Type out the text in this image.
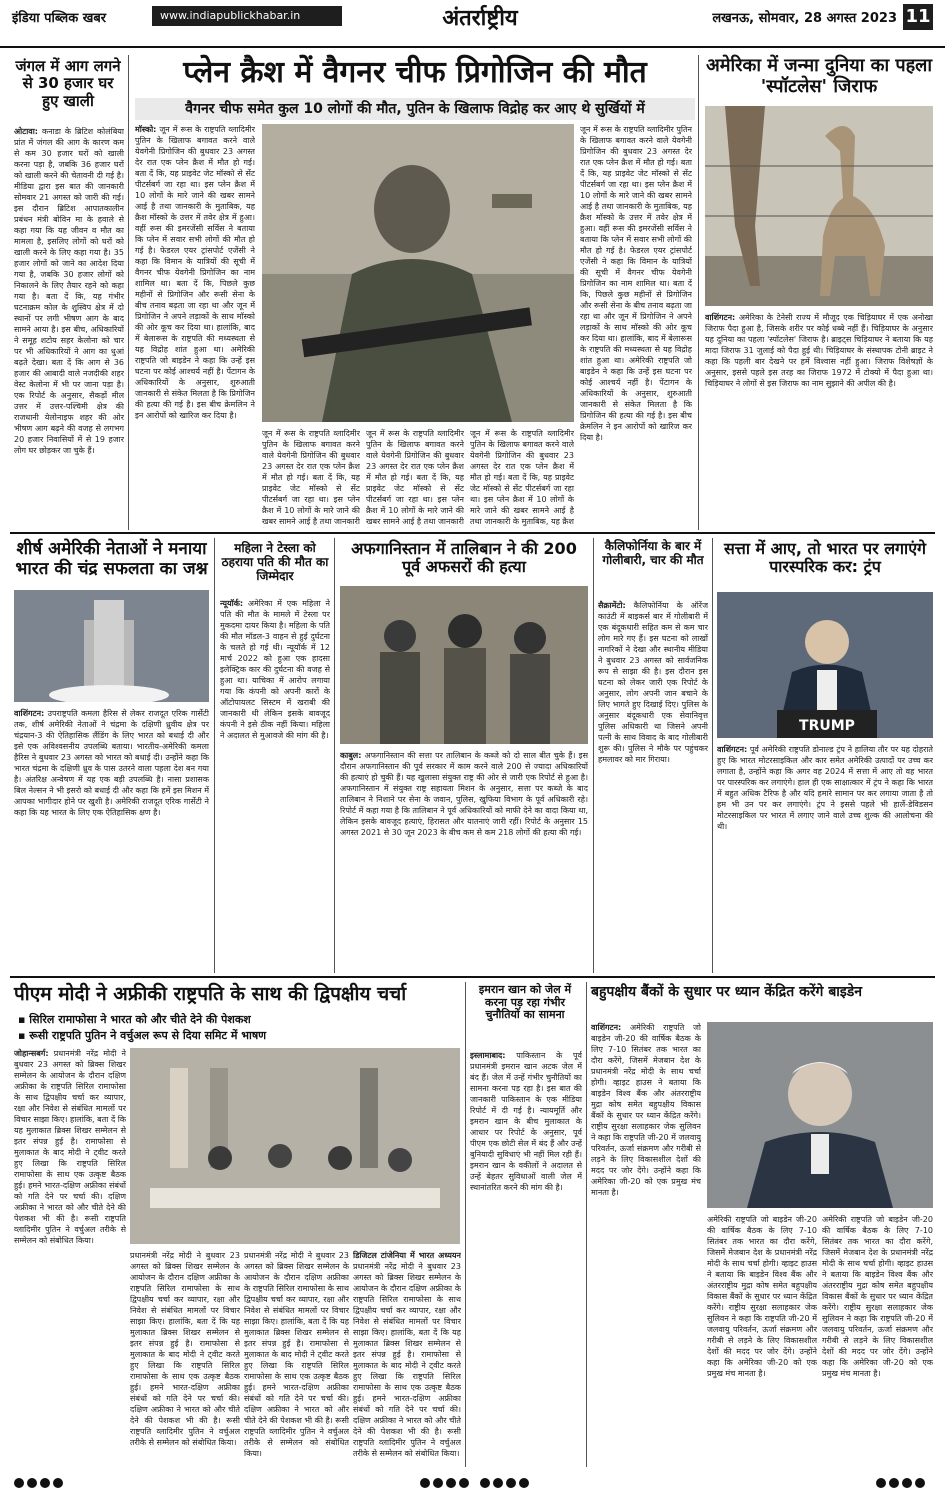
इंडिया पब्लिक खबर	www.indiapublickhabar.in	अंतर्राष्ट्रीय	लखनऊ, सोमवार, 28 अगस्त 2023 11
जंगल में आग लगने से 30 हजार घर हुए खाली
ओटावा: कनाडा के ब्रिटिश कोलंबिया प्रांत में जंगल की आग के कारण कम से कम 30 हजार घरों को खाली करना पड़ा है, जबकि 36 हजार घरों को खाली करने की चेतावनी दी गई है। मीडिया द्वारा इस बात की जानकारी सोमवार 21 अगस्त को जारी की गई। इस दौरान ब्रिटिश आपातकालीन प्रबंधन मंत्री बोविन मा के हवाले से कहा गया कि यह जीवन व मौत का मामला है, इसलिए लोगों को घरों को खाली करने के लिए कहा गया है। 35 हजार लोगों को जाने का आदेश दिया गया है, जबकि 30 हजार लोगों को निकालने के लिए तैयार रहने को कहा गया है। बता दें कि, यह गंभीर घटनाक्रम कोल के शुस्विप क्षेत्र में दो स्थानों पर लगी भीषण आग के बाद सामने आया है। इस बीच, अधिकारियों ने समूह शटोय सहर केलोना को चार पर भी अधिकारियों ने आग का धुआं बढ़ते देखा। बता दें कि आग से 36 हजार की आबादी वाले नजदीकी शहर वेस्ट केलोना में भी पर जाना पड़ा है। एक रिपोर्ट के अनुसार, सैकड़ों मील उत्तर में उत्तर-पश्चिमी क्षेत्र की राजधानी येलोनाइफ शहर की ओर भीषण आग बढ़ने की वजह से लगभग 20 हजार निवासियों में से 19 हजार लोग घर छोड़कर जा चुके हैं।
प्लेन क्रैश में वैगनर चीफ प्रिगोजिन की मौत
वैगनर चीफ समेत कुल 10 लोगों की मौत, पुतिन के खिलाफ विद्रोह कर आए थे सुर्खियों में
मॉस्को: जून में रूस के राष्ट्रपति व्लादिमीर पुतिन के खिलाफ बगावत करने वाले येवगेनी प्रिगोजिन की बुधवार 23 अगस्त देर रात एक प्लेन क्रैश में मौत हो गई। बता दें कि, यह प्राइवेट जेट मॉस्को से सेंट पीटर्सबर्ग जा रहा था। इस प्लेन क्रैश में 10 लोगों के मारे जाने की खबर सामने आई है तथा जानकारी के मुताबिक, यह क्रैश मॉस्को के उत्तर में तवेर क्षेत्र में हुआ। वहीं रूस की इमरजेंसी सर्विस ने बताया कि प्लेन में सवार सभी लोगों की मौत हो गई है। फेडरल एयर ट्रांसपोर्ट एजेंसी ने कहा कि विमान के यात्रियों की सूची में वैगनर चीफ येवगेनी प्रिगोजिन का नाम शामिल था। बता दें कि, पिछले कुछ महीनों से प्रिगोजिन और रूसी सेना के बीच तनाव बढ़ता जा रहा था और जून में प्रिगोजिन ने अपने लड़ाकों के साथ मॉस्को की ओर कूच कर दिया था। हालांकि, बाद में बेलारूस के राष्ट्रपति की मध्यस्थता से यह विद्रोह शांत हुआ था। अमेरिकी राष्ट्रपति जो बाइडेन ने कहा कि उन्हें इस घटना पर कोई आश्चर्य नहीं है। पेंटागन के अधिकारियों के अनुसार, शुरुआती जानकारी से संकेत मिलता है कि प्रिगोजिन की हत्या की गई है। इस बीच क्रेमलिन ने इन आरोपों को खारिज कर दिया है।
जून में रूस के राष्ट्रपति व्लादिमीर पुतिन के खिलाफ बगावत करने वाले येवगेनी प्रिगोजिन की बुधवार 23 अगस्त देर रात एक प्लेन क्रैश में मौत हो गई। बता दें कि, यह प्राइवेट जेट मॉस्को से सेंट पीटर्सबर्ग जा रहा था। इस प्लेन क्रैश में 10 लोगों के मारे जाने की खबर सामने आई है तथा जानकारी के मुताबिक, यह क्रैश मॉस्को के उत्तर में तवेर क्षेत्र में हुआ। वहीं रूस की इमरजेंसी सर्विस ने बताया कि प्लेन में सवार सभी लोगों की मौत हो गई है। फेडरल एयर ट्रांसपोर्ट एजेंसी ने कहा कि विमान के यात्रियों की सूची में वैगनर चीफ येवगेनी प्रिगोजिन का नाम शामिल था। बता दें कि, पिछले कुछ महीनों से प्रिगोजिन और रूसी सेना के बीच तनाव बढ़ता जा रहा था और जून में प्रिगोजिन ने अपने लड़ाकों के साथ मॉस्को की ओर कूच कर दिया था। हालांकि, बाद में बेलारूस के राष्ट्रपति की मध्यस्थता से यह विद्रोह शांत हुआ था। अमेरिकी राष्ट्रपति जो बाइडेन ने कहा कि उन्हें इस घटना पर कोई आश्चर्य नहीं है। पेंटागन के अधिकारियों के अनुसार, शुरुआती जानकारी से संकेत मिलता है कि प्रिगोजिन की हत्या की गई है। इस बीच क्रेमलिन ने इन आरोपों को खारिज कर दिया है।
जून में रूस के राष्ट्रपति व्लादिमीर पुतिन के खिलाफ बगावत करने वाले येवगेनी प्रिगोजिन की बुधवार 23 अगस्त देर रात एक प्लेन क्रैश में मौत हो गई। बता दें कि, यह प्राइवेट जेट मॉस्को से सेंट पीटर्सबर्ग जा रहा था। इस प्लेन क्रैश में 10 लोगों के मारे जाने की खबर सामने आई है तथा जानकारी
जून में रूस के राष्ट्रपति व्लादिमीर पुतिन के खिलाफ बगावत करने वाले येवगेनी प्रिगोजिन की बुधवार 23 अगस्त देर रात एक प्लेन क्रैश में मौत हो गई। बता दें कि, यह प्राइवेट जेट मॉस्को से सेंट पीटर्सबर्ग जा रहा था। इस प्लेन क्रैश में 10 लोगों के मारे जाने की खबर सामने आई है तथा जानकारी
जून में रूस के राष्ट्रपति व्लादिमीर पुतिन के खिलाफ बगावत करने वाले येवगेनी प्रिगोजिन की बुधवार 23 अगस्त देर रात एक प्लेन क्रैश में मौत हो गई। बता दें कि, यह प्राइवेट जेट मॉस्को से सेंट पीटर्सबर्ग जा रहा था। इस प्लेन क्रैश में 10 लोगों के मारे जाने की खबर सामने आई है तथा जानकारी के मुताबिक, यह क्रैश
अमेरिका में जन्मा दुनिया का पहला 'स्पॉटलेस' जिराफ
वाशिंगटन: अमेरिका के टेनेसी राज्य में मौजूद एक चिड़ियाघर में एक अनोखा जिराफ पैदा हुआ है, जिसके शरीर पर कोई धब्बे नहीं हैं। चिड़ियाघर के अनुसार यह दुनिया का पहला 'स्पॉटलेस' जिराफ है। ब्राइट्स चिड़ियाघर ने बताया कि यह मादा जिराफ 31 जुलाई को पैदा हुई थी। चिड़ियाघर के संस्थापक टोनी ब्राइट ने कहा कि पहली बार देखने पर हमें विश्वास नहीं हुआ। जिराफ विशेषज्ञों के अनुसार, इससे पहले इस तरह का जिराफ 1972 में टोक्यो में पैदा हुआ था। चिड़ियाघर ने लोगों से इस जिराफ का नाम सुझाने की अपील की है।
शीर्ष अमेरिकी नेताओं ने मनाया भारत की चंद्र सफलता का जश्न
वाशिंगटन: उपराष्ट्रपति कमला हैरिस से लेकर राजदूत एरिक गार्सेटी तक, शीर्ष अमेरिकी नेताओं ने चंद्रमा के दक्षिणी ध्रुवीय क्षेत्र पर चंद्रयान-3 की ऐतिहासिक लैंडिंग के लिए भारत को बधाई दी और इसे एक अविश्वसनीय उपलब्धि बताया। भारतीय-अमेरिकी कमला हैरिस ने बुधवार 23 अगस्त को भारत को बधाई दी। उन्होंने कहा कि भारत चंद्रमा के दक्षिणी ध्रुव के पास उतरने वाला पहला देश बन गया है। अंतरिक्ष अन्वेषण में यह एक बड़ी उपलब्धि है। नासा प्रशासक बिल नेल्सन ने भी इसरो को बधाई दी और कहा कि हमें इस मिशन में आपका भागीदार होने पर खुशी है। अमेरिकी राजदूत एरिक गार्सेटी ने कहा कि यह भारत के लिए एक ऐतिहासिक क्षण है।
महिला ने टेस्ला को ठहराया पति की मौत का जिम्मेदार
न्यूयॉर्क: अमेरिका में एक महिला ने पति की मौत के मामले में टेस्ला पर मुकदमा दायर किया है। महिला के पति की मौत मॉडल-3 वाहन से हुई दुर्घटना के चलते हो गई थी। न्यूयॉर्क में 12 मार्च 2022 को हुआ एक हादसा इलेक्ट्रिक कार की दुर्घटना की वजह से हुआ था। याचिका में आरोप लगाया गया कि कंपनी को अपनी कारों के ऑटोपायलट सिस्टम में खराबी की जानकारी थी लेकिन इसके बावजूद कंपनी ने इसे ठीक नहीं किया। महिला ने अदालत से मुआवजे की मांग की है।
अफगानिस्तान में तालिबान ने की 200 पूर्व अफसरों की हत्या
काबुल: अफगानिस्तान की सत्ता पर तालिबान के कब्जे को दो साल बीत चुके हैं। इस दौरान अफगानिस्तान की पूर्व सरकार में काम करने वाले 200 से ज्यादा अधिकारियों की हत्याएं हो चुकी हैं। यह खुलासा संयुक्त राष्ट्र की ओर से जारी एक रिपोर्ट से हुआ है। अफगानिस्तान में संयुक्त राष्ट्र सहायता मिशन के अनुसार, सत्ता पर कब्जे के बाद तालिबान ने निशाने पर सेना के जवान, पुलिस, खुफिया विभाग के पूर्व अधिकारी रहे। रिपोर्ट में कहा गया है कि तालिबान ने पूर्व अधिकारियों को माफी देने का वादा किया था, लेकिन इसके बावजूद हत्याएं, हिरासत और यातनाएं जारी रहीं। रिपोर्ट के अनुसार 15 अगस्त 2021 से 30 जून 2023 के बीच कम से कम 218 लोगों की हत्या की गई।
कैलिफोर्निया के बार में गोलीबारी, चार की मौत
सैक्रामेंटो: कैलिफोर्निया के ऑरेंज काउंटी में बाइकर्स बार में गोलीबारी में एक बंदूकधारी सहित कम से कम चार लोग मारे गए हैं। इस घटना को लाखों नागरिकों ने देखा और स्थानीय मीडिया ने बुधवार 23 अगस्त को सार्वजनिक रूप से साझा की है। इस दौरान इस घटना को लेकर जारी एक रिपोर्ट के अनुसार, लोग अपनी जान बचाने के लिए भागते हुए दिखाई दिए। पुलिस के अनुसार बंदूकधारी एक सेवानिवृत्त पुलिस अधिकारी था जिसने अपनी पत्नी के साथ विवाद के बाद गोलीबारी शुरू की। पुलिस ने मौके पर पहुंचकर हमलावर को मार गिराया।
सत्ता में आए, तो भारत पर लगाएंगे पारस्परिक कर: ट्रंप
TRUMP
वाशिंगटन: पूर्व अमेरिकी राष्ट्रपति डोनाल्ड ट्रंप ने हालिया तौर पर यह दोहराते हुए कि भारत मोटरसाइकिल और कार समेत अमेरिकी उत्पादों पर उच्च कर लगाता है, उन्होंने कहा कि अगर वह 2024 में सत्ता में आए तो वह भारत पर पारस्परिक कर लगाएंगे। हाल ही एक साक्षात्कार में ट्रंप ने कहा कि भारत में बहुत अधिक टैरिफ है और यदि हमारे सामान पर कर लगाया जाता है तो हम भी उन पर कर लगाएंगे। ट्रंप ने इससे पहले भी हार्ले-डेविडसन मोटरसाइकिल पर भारत में लगाए जाने वाले उच्च शुल्क की आलोचना की थी।
पीएम मोदी ने अफ्रीकी राष्ट्रपति के साथ की द्विपक्षीय चर्चा
▪ सिरिल रामाफोसा ने भारत को और चीते देने की पेशकश
▪ रूसी राष्ट्रपति पुतिन ने वर्चुअल रूप से दिया समिट में भाषण
जोहान्सबर्ग: प्रधानमंत्री नरेंद्र मोदी ने बुधवार 23 अगस्त को ब्रिक्स शिखर सम्मेलन के आयोजन के दौरान दक्षिण अफ्रीका के राष्ट्रपति सिरिल रामाफोसा के साथ द्विपक्षीय चर्चा कर व्यापार, रक्षा और निवेश से संबंधित मामलों पर विचार साझा किए। हालांकि, बता दें कि यह मुलाकात ब्रिक्स शिखर सम्मेलन से इतर संपन्न हुई है। रामाफोसा से मुलाकात के बाद मोदी ने ट्वीट करते हुए लिखा कि राष्ट्रपति सिरिल रामाफोसा के साथ एक उत्कृष्ट बैठक हुई। हमने भारत-दक्षिण अफ्रीका संबंधों को गति देने पर चर्चा की। दक्षिण अफ्रीका ने भारत को और चीते देने की पेशकश भी की है। रूसी राष्ट्रपति व्लादिमीर पुतिन ने वर्चुअल तरीके से सम्मेलन को संबोधित किया।
प्रधानमंत्री नरेंद्र मोदी ने बुधवार 23 अगस्त को ब्रिक्स शिखर सम्मेलन के आयोजन के दौरान दक्षिण अफ्रीका के राष्ट्रपति सिरिल रामाफोसा के साथ द्विपक्षीय चर्चा कर व्यापार, रक्षा और निवेश से संबंधित मामलों पर विचार साझा किए। हालांकि, बता दें कि यह मुलाकात ब्रिक्स शिखर सम्मेलन से इतर संपन्न हुई है। रामाफोसा से मुलाकात के बाद मोदी ने ट्वीट करते हुए लिखा कि राष्ट्रपति सिरिल रामाफोसा के साथ एक उत्कृष्ट बैठक हुई। हमने भारत-दक्षिण अफ्रीका संबंधों को गति देने पर चर्चा की। दक्षिण अफ्रीका ने भारत को और चीते देने की पेशकश भी की है। रूसी राष्ट्रपति व्लादिमीर पुतिन ने वर्चुअल तरीके से सम्मेलन को संबोधित किया।
प्रधानमंत्री नरेंद्र मोदी ने बुधवार 23 अगस्त को ब्रिक्स शिखर सम्मेलन के आयोजन के दौरान दक्षिण अफ्रीका के राष्ट्रपति सिरिल रामाफोसा के साथ द्विपक्षीय चर्चा कर व्यापार, रक्षा और निवेश से संबंधित मामलों पर विचार साझा किए। हालांकि, बता दें कि यह मुलाकात ब्रिक्स शिखर सम्मेलन से इतर संपन्न हुई है। रामाफोसा से मुलाकात के बाद मोदी ने ट्वीट करते हुए लिखा कि राष्ट्रपति सिरिल रामाफोसा के साथ एक उत्कृष्ट बैठक हुई। हमने भारत-दक्षिण अफ्रीका संबंधों को गति देने पर चर्चा की। दक्षिण अफ्रीका ने भारत को और चीते देने की पेशकश भी की है। रूसी राष्ट्रपति व्लादिमीर पुतिन ने वर्चुअल तरीके से सम्मेलन को संबोधित किया।
डिजिटल टांजेनिया में भारत अध्ययन प्रधानमंत्री नरेंद्र मोदी ने बुधवार 23 अगस्त को ब्रिक्स शिखर सम्मेलन के आयोजन के दौरान दक्षिण अफ्रीका के राष्ट्रपति सिरिल रामाफोसा के साथ द्विपक्षीय चर्चा कर व्यापार, रक्षा और निवेश से संबंधित मामलों पर विचार साझा किए। हालांकि, बता दें कि यह मुलाकात ब्रिक्स शिखर सम्मेलन से इतर संपन्न हुई है। रामाफोसा से मुलाकात के बाद मोदी ने ट्वीट करते हुए लिखा कि राष्ट्रपति सिरिल रामाफोसा के साथ एक उत्कृष्ट बैठक हुई। हमने भारत-दक्षिण अफ्रीका संबंधों को गति देने पर चर्चा की। दक्षिण अफ्रीका ने भारत को और चीते देने की पेशकश भी की है। रूसी राष्ट्रपति व्लादिमीर पुतिन ने वर्चुअल तरीके से सम्मेलन को संबोधित किया।
इमरान खान को जेल में करना पड़ रहा गंभीर चुनौतियों का सामना
इस्लामाबाद: पाकिस्तान के पूर्व प्रधानमंत्री इमरान खान अटक जेल में बंद हैं। जेल में उन्हें गंभीर चुनौतियों का सामना करना पड़ रहा है। इस बात की जानकारी पाकिस्तान के एक मीडिया रिपोर्ट में दी गई है। न्यायमूर्ति और इमरान खान के बीच मुलाकात के आधार पर रिपोर्ट के अनुसार, पूर्व पीएम एक छोटी सेल में बंद हैं और उन्हें बुनियादी सुविधाएं भी नहीं मिल रही हैं। इमरान खान के वकीलों ने अदालत से उन्हें बेहतर सुविधाओं वाली जेल में स्थानांतरित करने की मांग की है।
बहुपक्षीय बैंकों के सुधार पर ध्यान केंद्रित करेंगे बाइडेन
वाशिंगटन: अमेरिकी राष्ट्रपति जो बाइडेन जी-20 की वार्षिक बैठक के लिए 7-10 सितंबर तक भारत का दौरा करेंगे, जिसमें मेजबान देश के प्रधानमंत्री नरेंद्र मोदी के साथ चर्चा होगी। व्हाइट हाउस ने बताया कि बाइडेन विश्व बैंक और अंतरराष्ट्रीय मुद्रा कोष समेत बहुपक्षीय विकास बैंकों के सुधार पर ध्यान केंद्रित करेंगे। राष्ट्रीय सुरक्षा सलाहकार जेक सुलिवन ने कहा कि राष्ट्रपति जी-20 में जलवायु परिवर्तन, ऊर्जा संक्रमण और गरीबी से लड़ने के लिए विकासशील देशों की मदद पर जोर देंगे। उन्होंने कहा कि अमेरिका जी-20 को एक प्रमुख मंच मानता है।
अमेरिकी राष्ट्रपति जो बाइडेन जी-20 की वार्षिक बैठक के लिए 7-10 सितंबर तक भारत का दौरा करेंगे, जिसमें मेजबान देश के प्रधानमंत्री नरेंद्र मोदी के साथ चर्चा होगी। व्हाइट हाउस ने बताया कि बाइडेन विश्व बैंक और अंतरराष्ट्रीय मुद्रा कोष समेत बहुपक्षीय विकास बैंकों के सुधार पर ध्यान केंद्रित करेंगे। राष्ट्रीय सुरक्षा सलाहकार जेक सुलिवन ने कहा कि राष्ट्रपति जी-20 में जलवायु परिवर्तन, ऊर्जा संक्रमण और गरीबी से लड़ने के लिए विकासशील देशों की मदद पर जोर देंगे। उन्होंने कहा कि अमेरिका जी-20 को एक प्रमुख मंच मानता है।
अमेरिकी राष्ट्रपति जो बाइडेन जी-20 की वार्षिक बैठक के लिए 7-10 सितंबर तक भारत का दौरा करेंगे, जिसमें मेजबान देश के प्रधानमंत्री नरेंद्र मोदी के साथ चर्चा होगी। व्हाइट हाउस ने बताया कि बाइडेन विश्व बैंक और अंतरराष्ट्रीय मुद्रा कोष समेत बहुपक्षीय विकास बैंकों के सुधार पर ध्यान केंद्रित करेंगे। राष्ट्रीय सुरक्षा सलाहकार जेक सुलिवन ने कहा कि राष्ट्रपति जी-20 में जलवायु परिवर्तन, ऊर्जा संक्रमण और गरीबी से लड़ने के लिए विकासशील देशों की मदद पर जोर देंगे। उन्होंने कहा कि अमेरिका जी-20 को एक प्रमुख मंच मानता है।
